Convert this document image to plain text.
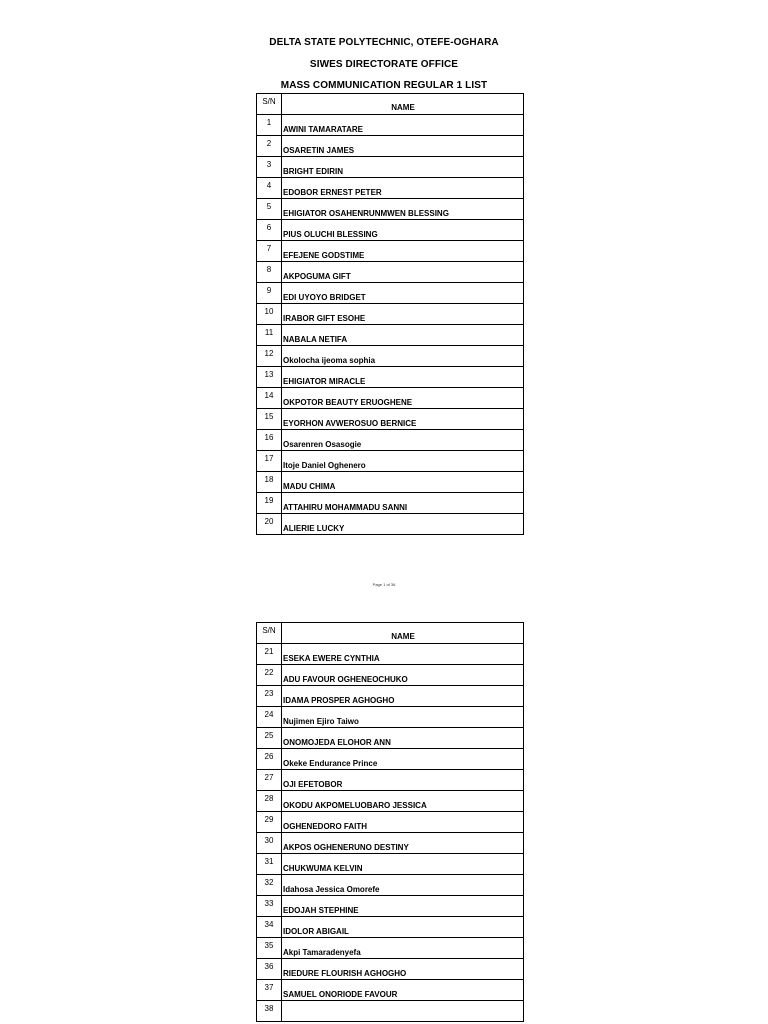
DELTA STATE POLYTECHNIC, OTEFE-OGHARA
SIWES DIRECTORATE OFFICE
MASS COMMUNICATION REGULAR 1 LIST
S/N	NAME
1	AWINI TAMARATARE
2	OSARETIN JAMES
3	BRIGHT EDIRIN
4	EDOBOR ERNEST PETER
5	EHIGIATOR OSAHENRUNMWEN BLESSING
6	PIUS OLUCHI BLESSING
7	EFEJENE GODSTIME
8	AKPOGUMA GIFT
9	EDI UYOYO BRIDGET
10	IRABOR GIFT ESOHE
11	NABALA NETIFA
12	Okolocha ijeoma sophia
13	EHIGIATOR MIRACLE
14	OKPOTOR BEAUTY ERUOGHENE
15	EYORHON AVWEROSUO BERNICE
16	Osarenren Osasogie
17	Itoje Daniel Oghenero
18	MADU CHIMA
19	ATTAHIRU MOHAMMADU SANNI
20	ALIERIE LUCKY
Page 1 of 36
S/N	NAME
21	ESEKA EWERE CYNTHIA
22	ADU FAVOUR OGHENEOCHUKO
23	IDAMA PROSPER AGHOGHO
24	Nujimen Ejiro Taiwo
25	ONOMOJEDA ELOHOR ANN
26	Okeke Endurance Prince
27	OJI EFETOBOR
28	OKODU AKPOMELUOBARO JESSICA
29	OGHENEDORO FAITH
30	AKPOS OGHENERUNO DESTINY
31	CHUKWUMA KELVIN
32	Idahosa Jessica Omorefe
33	EDOJAH STEPHINE
34	IDOLOR ABIGAIL
35	Akpi Tamaradenyefa
36	RIEDURE FLOURISH AGHOGHO
37	SAMUEL ONORIODE FAVOUR
38	
